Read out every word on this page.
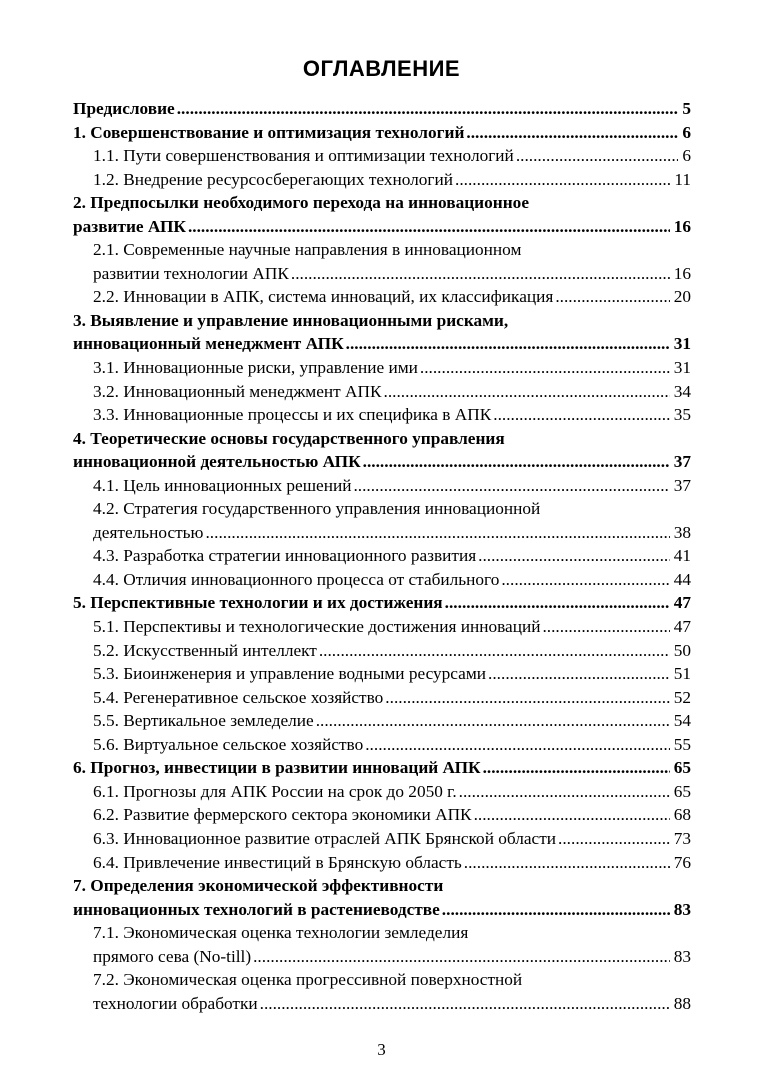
ОГЛАВЛЕНИЕ
Предисловие .....	5
1. Совершенствование и оптимизация технологий .....	6
1.1. Пути совершенствования и оптимизации технологий .....	6
1.2. Внедрение ресурсосберегающих технологий .....	11
2. Предпосылки необходимого перехода на инновационное
развитие АПК .....	16
2.1. Современные научные направления в инновационном
развитии технологии АПК .....	16
2.2. Инновации в АПК, система инноваций, их классификация .....	20
3. Выявление и управление инновационными рисками,
инновационный менеджмент АПК .....	31
3.1. Инновационные риски, управление ими .....	31
3.2. Инновационный менеджмент АПК .....	34
3.3. Инновационные процессы и их специфика в АПК .....	35
4. Теоретические основы государственного управления
инновационной деятельностью АПК .....	37
4.1. Цель инновационных решений .....	37
4.2. Стратегия государственного управления инновационной
деятельностью .....	38
4.3. Разработка стратегии инновационного развития .....	41
4.4. Отличия инновационного процесса от стабильного .....	44
5. Перспективные технологии и их достижения .....	47
5.1. Перспективы и технологические достижения инноваций .....	47
5.2. Искусственный интеллект .....	50
5.3. Биоинженерия и управление водными ресурсами .....	51
5.4. Регенеративное сельское хозяйство .....	52
5.5. Вертикальное земледелие .....	54
5.6. Виртуальное сельское хозяйство .....	55
6. Прогноз, инвестиции в развитии инноваций АПК .....	65
6.1. Прогнозы для АПК России на срок до 2050 г. .....	65
6.2. Развитие фермерского сектора экономики АПК .....	68
6.3. Инновационное развитие отраслей АПК Брянской области .....	73
6.4. Привлечение инвестиций в Брянскую область .....	76
7. Определения экономической эффективности
инновационных технологий в растениеводстве .....	83
7.1. Экономическая оценка технологии земледелия
прямого сева (No-till) .....	83
7.2. Экономическая оценка прогрессивной поверхностной
технологии обработки .....	88
3
